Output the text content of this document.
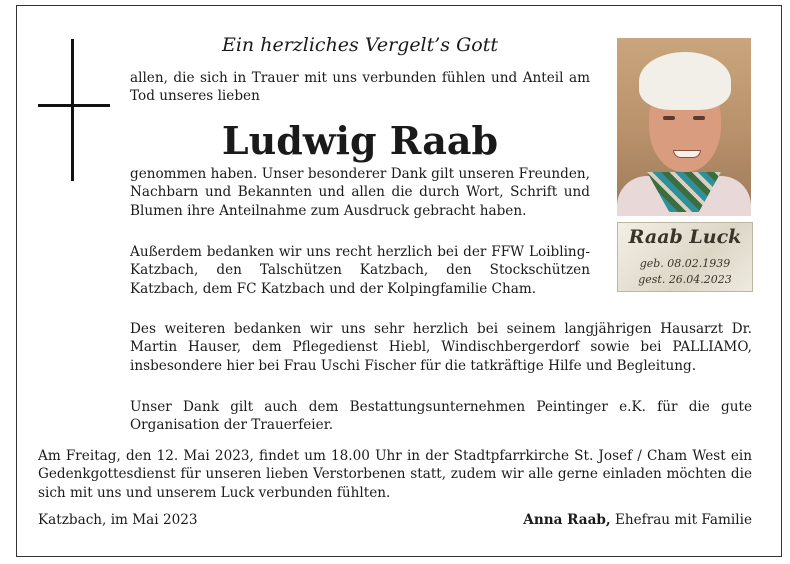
Ein herzliches Vergelt’s Gott

allen, die sich in Trauer mit uns verbunden fühlen und Anteil am Tod unseres lieben

Ludwig Raab

genommen haben. Unser besonderer Dank gilt unseren Freunden, Nachbarn und Bekannten und allen die durch Wort, Schrift und Blumen ihre Anteilnahme zum Ausdruck gebracht haben.

Außerdem bedanken wir uns recht herzlich bei der FFW Loibling-Katzbach, den Talschützen Katzbach, den Stockschützen Katzbach, dem FC Katzbach und der Kolpingfamilie Cham.

Des weiteren bedanken wir uns sehr herzlich bei seinem langjährigen Hausarzt Dr. Martin Hauser, dem Pflegedienst Hiebl, Windischbergerdorf sowie bei PALLIAMO, insbesondere hier bei Frau Uschi Fischer für die tatkräftige Hilfe und Begleitung.

Unser Dank gilt auch dem Bestattungsunternehmen Peintinger e.K. für die gute Organisation der Trauerfeier.

Am Freitag, den 12. Mai 2023, findet um 18.00 Uhr in der Stadtpfarrkirche St. Josef / Cham West ein Gedenkgottesdienst für unseren lieben Verstorbenen statt, zudem wir alle gerne einladen möchten die sich mit uns und unserem Luck verbunden fühlten.

Raab Luck
geb. 08.02.1939
gest. 26.04.2023

Katzbach, im Mai 2023	Anna Raab, Ehefrau mit Familie
